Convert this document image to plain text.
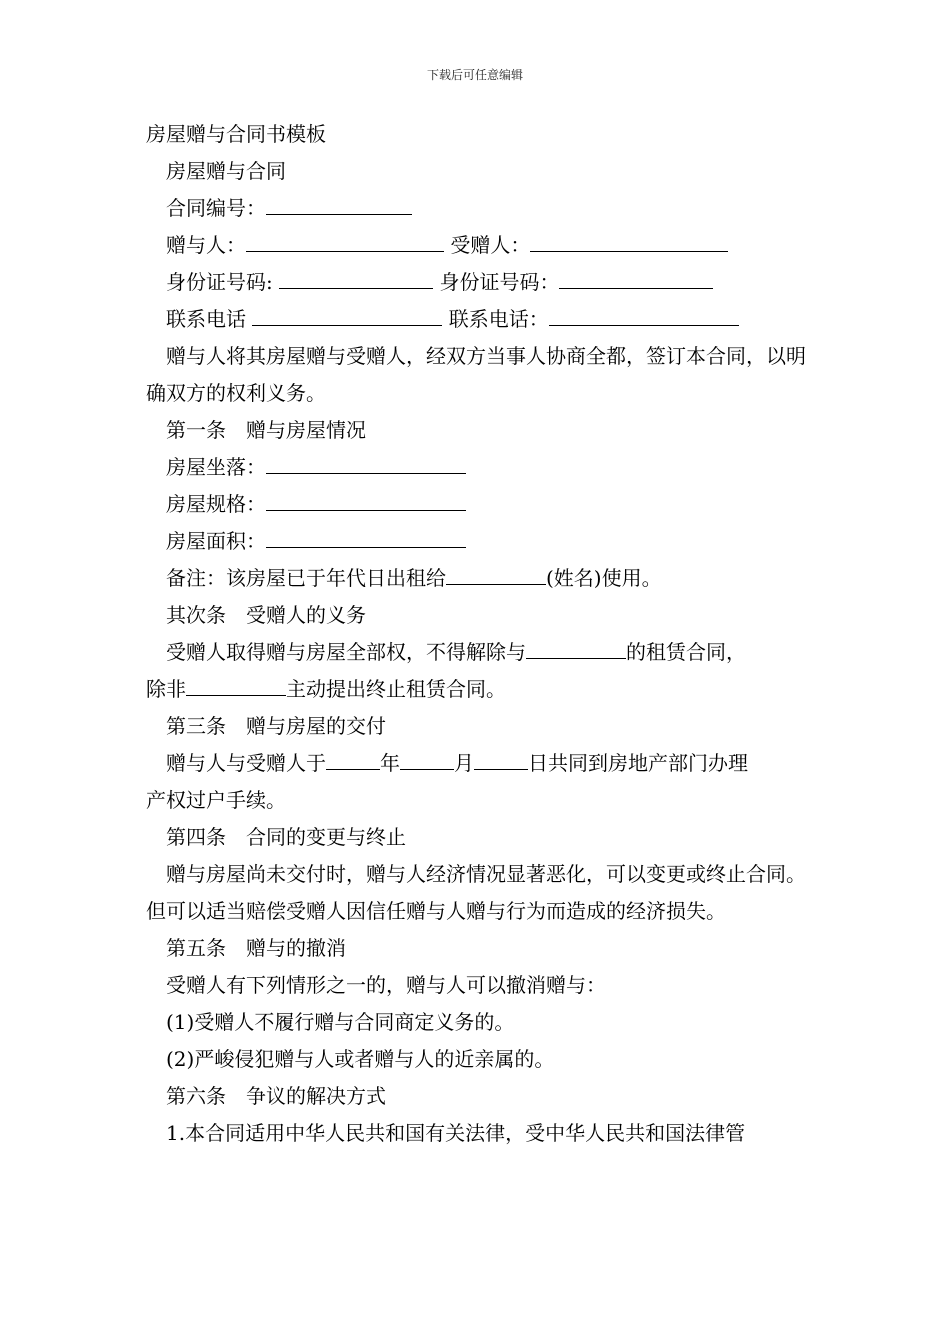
下载后可任意编辑
房屋赠与合同书模板
房屋赠与合同
合同编号：
赠与人：	受赠人：
身份证号码:	身份证号码：
联系电话	联系电话：
赠与人将其房屋赠与受赠人，经双方当事人协商全都，签订本合同，以明确双方的权利义务。
第一条　赠与房屋情况
房屋坐落：
房屋规格：
房屋面积：
备注：该房屋已于年代日出租给	(姓名)使用。
其次条　受赠人的义务
受赠人取得赠与房屋全部权，不得解除与	的租赁合同，
除非	主动提出终止租赁合同。
第三条　赠与房屋的交付
赠与人与受赠人于	年	月	日共同到房地产部门办理
产权过户手续。
第四条　合同的变更与终止
赠与房屋尚未交付时，赠与人经济情况显著恶化，可以变更或终止合同。但可以适当赔偿受赠人因信任赠与人赠与行为而造成的经济损失。
第五条　赠与的撤消
受赠人有下列情形之一的，赠与人可以撤消赠与：
(1)受赠人不履行赠与合同商定义务的。
(2)严峻侵犯赠与人或者赠与人的近亲属的。
第六条　争议的解决方式
1.本合同适用中华人民共和国有关法律，受中华人民共和国法律管
